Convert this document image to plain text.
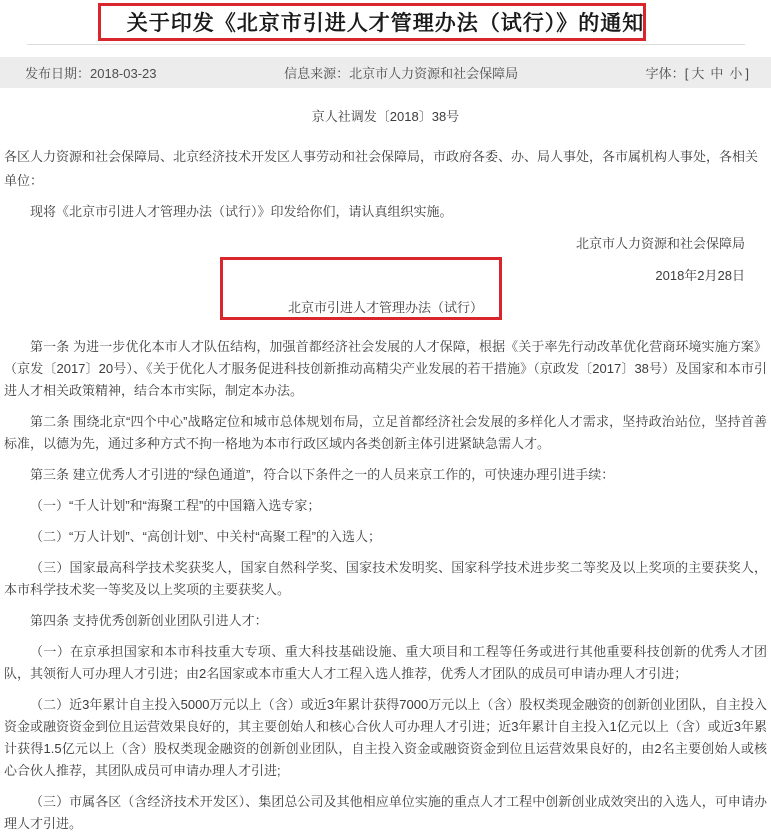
关于印发《北京市引进人才管理办法（试行）》的通知
发布日期：2018-03-23	信息来源：北京市人力资源和社会保障局	字体：[ 大 中 小 ]
京人社调发〔2018〕38号
各区人力资源和社会保障局、北京经济技术开发区人事劳动和社会保障局，市政府各委、办、局人事处，各市属机构人事处，各相关单位：
现将《北京市引进人才管理办法（试行）》印发给你们，请认真组织实施。
北京市人力资源和社会保障局
2018年2月28日
北京市引进人才管理办法（试行）

第一条 为进一步优化本市人才队伍结构，加强首都经济社会发展的人才保障，根据《关于率先行动改革优化营商环境实施方案》（京发〔2017〕20号）、《关于优化人才服务促进科技创新推动高精尖产业发展的若干措施》（京政发〔2017〕38号）及国家和本市引进人才相关政策精神，结合本市实际，制定本办法。

第二条 围绕北京“四个中心”战略定位和城市总体规划布局，立足首都经济社会发展的多样化人才需求，坚持政治站位，坚持首善标准，以德为先，通过多种方式不拘一格地为本市行政区域内各类创新主体引进紧缺急需人才。

第三条 建立优秀人才引进的“绿色通道”，符合以下条件之一的人员来京工作的，可快速办理引进手续：

（一）“千人计划”和“海聚工程”的中国籍入选专家；

（二）“万人计划”、“高创计划”、中关村“高聚工程”的入选人；

（三）国家最高科学技术奖获奖人，国家自然科学奖、国家技术发明奖、国家科学技术进步奖二等奖及以上奖项的主要获奖人，本市科学技术奖一等奖及以上奖项的主要获奖人。

第四条 支持优秀创新创业团队引进人才：

（一）在京承担国家和本市科技重大专项、重大科技基础设施、重大项目和工程等任务或进行其他重要科技创新的优秀人才团队，其领衔人可办理人才引进；由2名国家或本市重大人才工程入选人推荐，优秀人才团队的成员可申请办理人才引进；

（二）近3年累计自主投入5000万元以上（含）或近3年累计获得7000万元以上（含）股权类现金融资的创新创业团队，自主投入资金或融资资金到位且运营效果良好的，其主要创始人和核心合伙人可办理人才引进；近3年累计自主投入1亿元以上（含）或近3年累计获得1.5亿元以上（含）股权类现金融资的创新创业团队，自主投入资金或融资资金到位且运营效果良好的，由2名主要创始人或核心合伙人推荐，其团队成员可申请办理人才引进;

（三）市属各区（含经济技术开发区）、集团总公司及其他相应单位实施的重点人才工程中创新创业成效突出的入选人，可申请办理人才引进。
